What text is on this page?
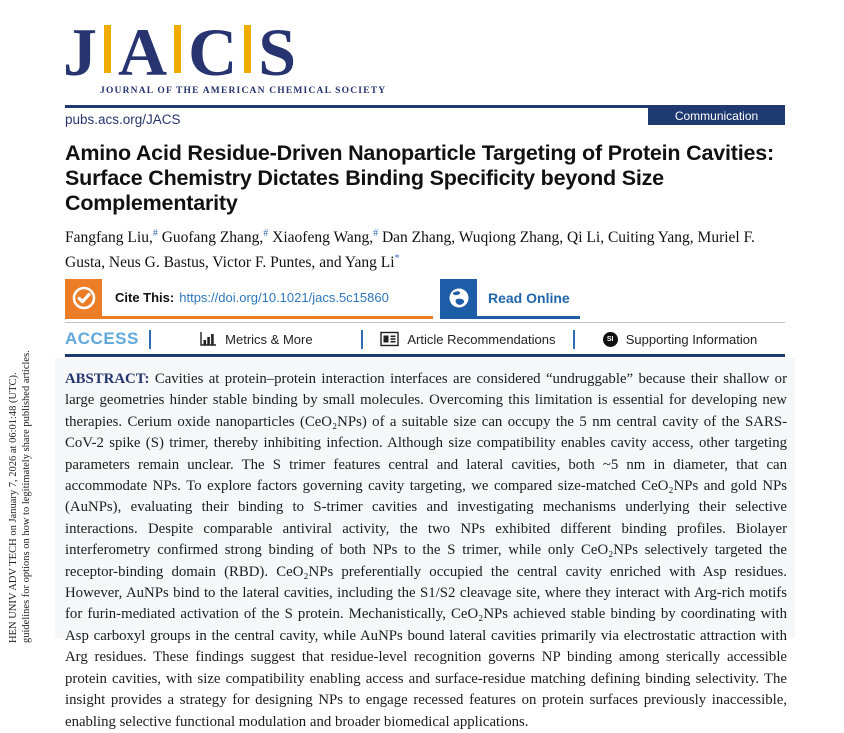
HEN UNIV ADV TECH on January 7, 2026 at 06:01:48 (UTC). guidelines for options on how to legitimately share published articles.
J A C S
JOURNAL OF THE AMERICAN CHEMICAL SOCIETY
pubs.acs.org/JACS	Communication
Amino Acid Residue-Driven Nanoparticle Targeting of Protein Cavities: Surface Chemistry Dictates Binding Specificity beyond Size Complementarity
Fangfang Liu,# Guofang Zhang,# Xiaofeng Wang,# Dan Zhang, Wuqiong Zhang, Qi Li, Cuiting Yang, Muriel F. Gusta, Neus G. Bastus, Victor F. Puntes, and Yang Li*
Cite This: https://doi.org/10.1021/jacs.5c15860	Read Online
ACCESS	Metrics & More	Article Recommendations	SI Supporting Information
ABSTRACT: Cavities at protein–protein interaction interfaces are considered “undruggable” because their shallow or large geometries hinder stable binding by small molecules. Overcoming this limitation is essential for developing new therapies. Cerium oxide nanoparticles (CeO₂NPs) of a suitable size can occupy the 5 nm central cavity of the SARS-CoV-2 spike (S) trimer, thereby inhibiting infection. Although size compatibility enables cavity access, other targeting parameters remain unclear. The S trimer features central and lateral cavities, both ~5 nm in diameter, that can accommodate NPs. To explore factors governing cavity targeting, we compared size-matched CeO₂NPs and gold NPs (AuNPs), evaluating their binding to S-trimer cavities and investigating mechanisms underlying their selective interactions. Despite comparable antiviral activity, the two NPs exhibited different binding profiles. Biolayer interferometry confirmed strong binding of both NPs to the S trimer, while only CeO₂NPs selectively targeted the receptor-binding domain (RBD). CeO₂NPs preferentially occupied the central cavity enriched with Asp residues. However, AuNPs bind to the lateral cavities, including the S1/S2 cleavage site, where they interact with Arg-rich motifs for furin-mediated activation of the S protein. Mechanistically, CeO₂NPs achieved stable binding by coordinating with Asp carboxyl groups in the central cavity, while AuNPs bound lateral cavities primarily via electrostatic attraction with Arg residues. These findings suggest that residue-level recognition governs NP binding among sterically accessible protein cavities, with size compatibility enabling access and surface-residue matching defining binding selectivity. The insight provides a strategy for designing NPs to engage recessed features on protein surfaces previously inaccessible, enabling selective functional modulation and broader biomedical applications.
